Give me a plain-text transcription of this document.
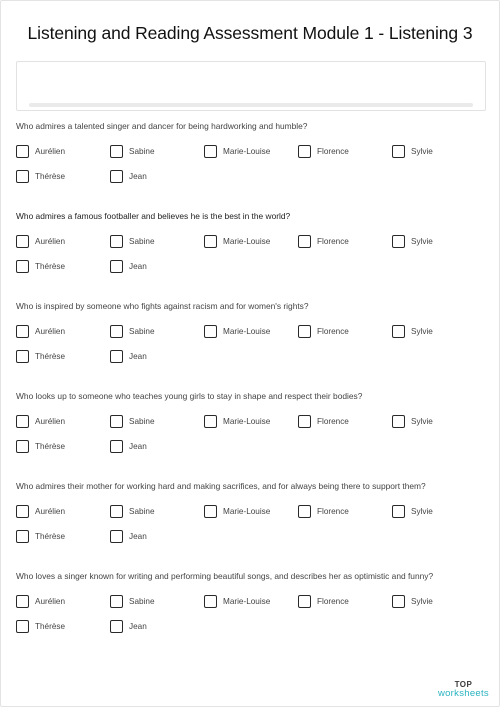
Listening and Reading Assessment Module 1 - Listening 3
Who admires a talented singer and dancer for being hardworking and humble?
Aurélien	Sabine	Marie-Louise	Florence	Sylvie
Thérèse	Jean
Who admires a famous footballer and believes he is the best in the world?
Aurélien	Sabine	Marie-Louise	Florence	Sylvie
Thérèse	Jean
Who is inspired by someone who fights against racism and for women's rights?
Aurélien	Sabine	Marie-Louise	Florence	Sylvie
Thérèse	Jean
Who looks up to someone who teaches young girls to stay in shape and respect their bodies?
Aurélien	Sabine	Marie-Louise	Florence	Sylvie
Thérèse	Jean
Who admires their mother for working hard and making sacrifices, and for always being there to support them?
Aurélien	Sabine	Marie-Louise	Florence	Sylvie
Thérèse	Jean
Who loves a singer known for writing and performing beautiful songs, and describes her as optimistic and funny?
Aurélien	Sabine	Marie-Louise	Florence	Sylvie
Thérèse	Jean
TOP
worksheets
